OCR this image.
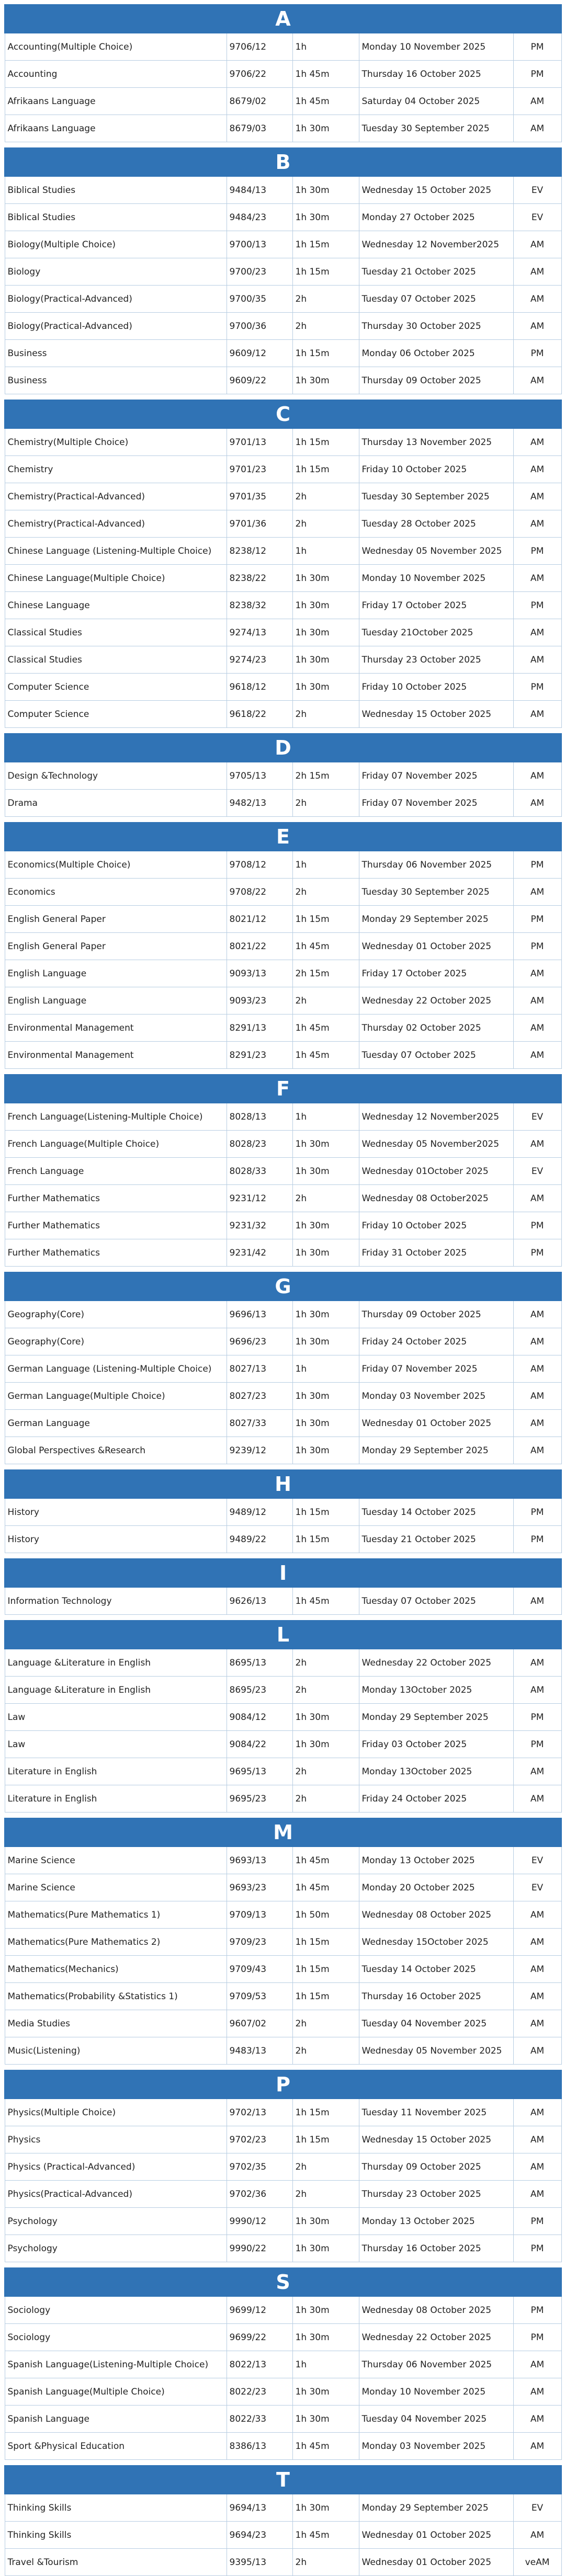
A				
Accounting(Multiple Choice)	9706/12	1h	Monday 10 November 2025	PM
Accounting	9706/22	1h 45m	Thursday 16 October 2025	PM
Afrikaans Language	8679/02	1h 45m	Saturday 04 October 2025	AM
Afrikaans Language	8679/03	1h 30m	Tuesday 30 September 2025	AM

B				
Biblical Studies	9484/13	1h 30m	Wednesday 15 October 2025	EV
Biblical Studies	9484/23	1h 30m	Monday 27 October 2025	EV
Biology(Multiple Choice)	9700/13	1h 15m	Wednesday 12 November2025	AM
Biology	9700/23	1h 15m	Tuesday 21 October 2025	AM
Biology(Practical-Advanced)	9700/35	2h	Tuesday 07 October 2025	AM
Biology(Practical-Advanced)	9700/36	2h	Thursday 30 October 2025	AM
Business	9609/12	1h 15m	Monday 06 October 2025	PM
Business	9609/22	1h 30m	Thursday 09 October 2025	AM

C				
Chemistry(Multiple Choice)	9701/13	1h 15m	Thursday 13 November 2025	AM
Chemistry	9701/23	1h 15m	Friday 10 October 2025	AM
Chemistry(Practical-Advanced)	9701/35	2h	Tuesday 30 September 2025	AM
Chemistry(Practical-Advanced)	9701/36	2h	Tuesday 28 October 2025	AM
Chinese Language (Listening-Multiple Choice)	8238/12	1h	Wednesday 05 November 2025	PM
Chinese Language(Multiple Choice)	8238/22	1h 30m	Monday 10 November 2025	AM
Chinese Language	8238/32	1h 30m	Friday 17 October 2025	PM
Classical Studies	9274/13	1h 30m	Tuesday 21October 2025	AM
Classical Studies	9274/23	1h 30m	Thursday 23 October 2025	AM
Computer Science	9618/12	1h 30m	Friday 10 October 2025	PM
Computer Science	9618/22	2h	Wednesday 15 October 2025	AM

D				
Design &Technology	9705/13	2h 15m	Friday 07 November 2025	AM
Drama	9482/13	2h	Friday 07 November 2025	AM

E				
Economics(Multiple Choice)	9708/12	1h	Thursday 06 November 2025	PM
Economics	9708/22	2h	Tuesday 30 September 2025	AM
English General Paper	8021/12	1h 15m	Monday 29 September 2025	PM
English General Paper	8021/22	1h 45m	Wednesday 01 October 2025	PM
English Language	9093/13	2h 15m	Friday 17 October 2025	AM
English Language	9093/23	2h	Wednesday 22 October 2025	AM
Environmental Management	8291/13	1h 45m	Thursday 02 October 2025	AM
Environmental Management	8291/23	1h 45m	Tuesday 07 October 2025	AM

F				
French Language(Listening-Multiple Choice)	8028/13	1h	Wednesday 12 November2025	EV
French Language(Multiple Choice)	8028/23	1h 30m	Wednesday 05 November2025	AM
French Language	8028/33	1h 30m	Wednesday 01October 2025	EV
Further Mathematics	9231/12	2h	Wednesday 08 October2025	AM
Further Mathematics	9231/32	1h 30m	Friday 10 October 2025	PM
Further Mathematics	9231/42	1h 30m	Friday 31 October 2025	PM

G				
Geography(Core)	9696/13	1h 30m	Thursday 09 October 2025	AM
Geography(Core)	9696/23	1h 30m	Friday 24 October 2025	AM
German Language (Listening-Multiple Choice)	8027/13	1h	Friday 07 November 2025	AM
German Language(Multiple Choice)	8027/23	1h 30m	Monday 03 November 2025	AM
German Language	8027/33	1h 30m	Wednesday 01 October 2025	AM
Global Perspectives &Research	9239/12	1h 30m	Monday 29 September 2025	AM

H				
History	9489/12	1h 15m	Tuesday 14 October 2025	PM
History	9489/22	1h 15m	Tuesday 21 October 2025	PM

I				
Information Technology	9626/13	1h 45m	Tuesday 07 October 2025	AM

L				
Language &Literature in English	8695/13	2h	Wednesday 22 October 2025	AM
Language &Literature in English	8695/23	2h	Monday 13October 2025	AM
Law	9084/12	1h 30m	Monday 29 September 2025	PM
Law	9084/22	1h 30m	Friday 03 October 2025	PM
Literature in English	9695/13	2h	Monday 13October 2025	AM
Literature in English	9695/23	2h	Friday 24 October 2025	AM

M				
Marine Science	9693/13	1h 45m	Monday 13 October 2025	EV
Marine Science	9693/23	1h 45m	Monday 20 October 2025	EV
Mathematics(Pure Mathematics 1)	9709/13	1h 50m	Wednesday 08 October 2025	AM
Mathematics(Pure Mathematics 2)	9709/23	1h 15m	Wednesday 15October 2025	AM
Mathematics(Mechanics)	9709/43	1h 15m	Tuesday 14 October 2025	AM
Mathematics(Probability &Statistics 1)	9709/53	1h 15m	Thursday 16 October 2025	AM
Media Studies	9607/02	2h	Tuesday 04 November 2025	AM
Music(Listening)	9483/13	2h	Wednesday 05 November 2025	AM

P				
Physics(Multiple Choice)	9702/13	1h 15m	Tuesday 11 November 2025	AM
Physics	9702/23	1h 15m	Wednesday 15 October 2025	AM
Physics (Practical-Advanced)	9702/35	2h	Thursday 09 October 2025	AM
Physics(Practical-Advanced)	9702/36	2h	Thursday 23 October 2025	AM
Psychology	9990/12	1h 30m	Monday 13 October 2025	PM
Psychology	9990/22	1h 30m	Thursday 16 October 2025	PM

S				
Sociology	9699/12	1h 30m	Wednesday 08 October 2025	PM
Sociology	9699/22	1h 30m	Wednesday 22 October 2025	PM
Spanish Language(Listening-Multiple Choice)	8022/13	1h	Thursday 06 November 2025	AM
Spanish Language(Multiple Choice)	8022/23	1h 30m	Monday 10 November 2025	AM
Spanish Language	8022/33	1h 30m	Tuesday 04 November 2025	AM
Sport &Physical Education	8386/13	1h 45m	Monday 03 November 2025	AM

T				
Thinking Skills	9694/13	1h 30m	Monday 29 September 2025	EV
Thinking Skills	9694/23	1h 45m	Wednesday 01 October 2025	AM
Travel &Tourism	9395/13	2h	Wednesday 01 October 2025	veAM
